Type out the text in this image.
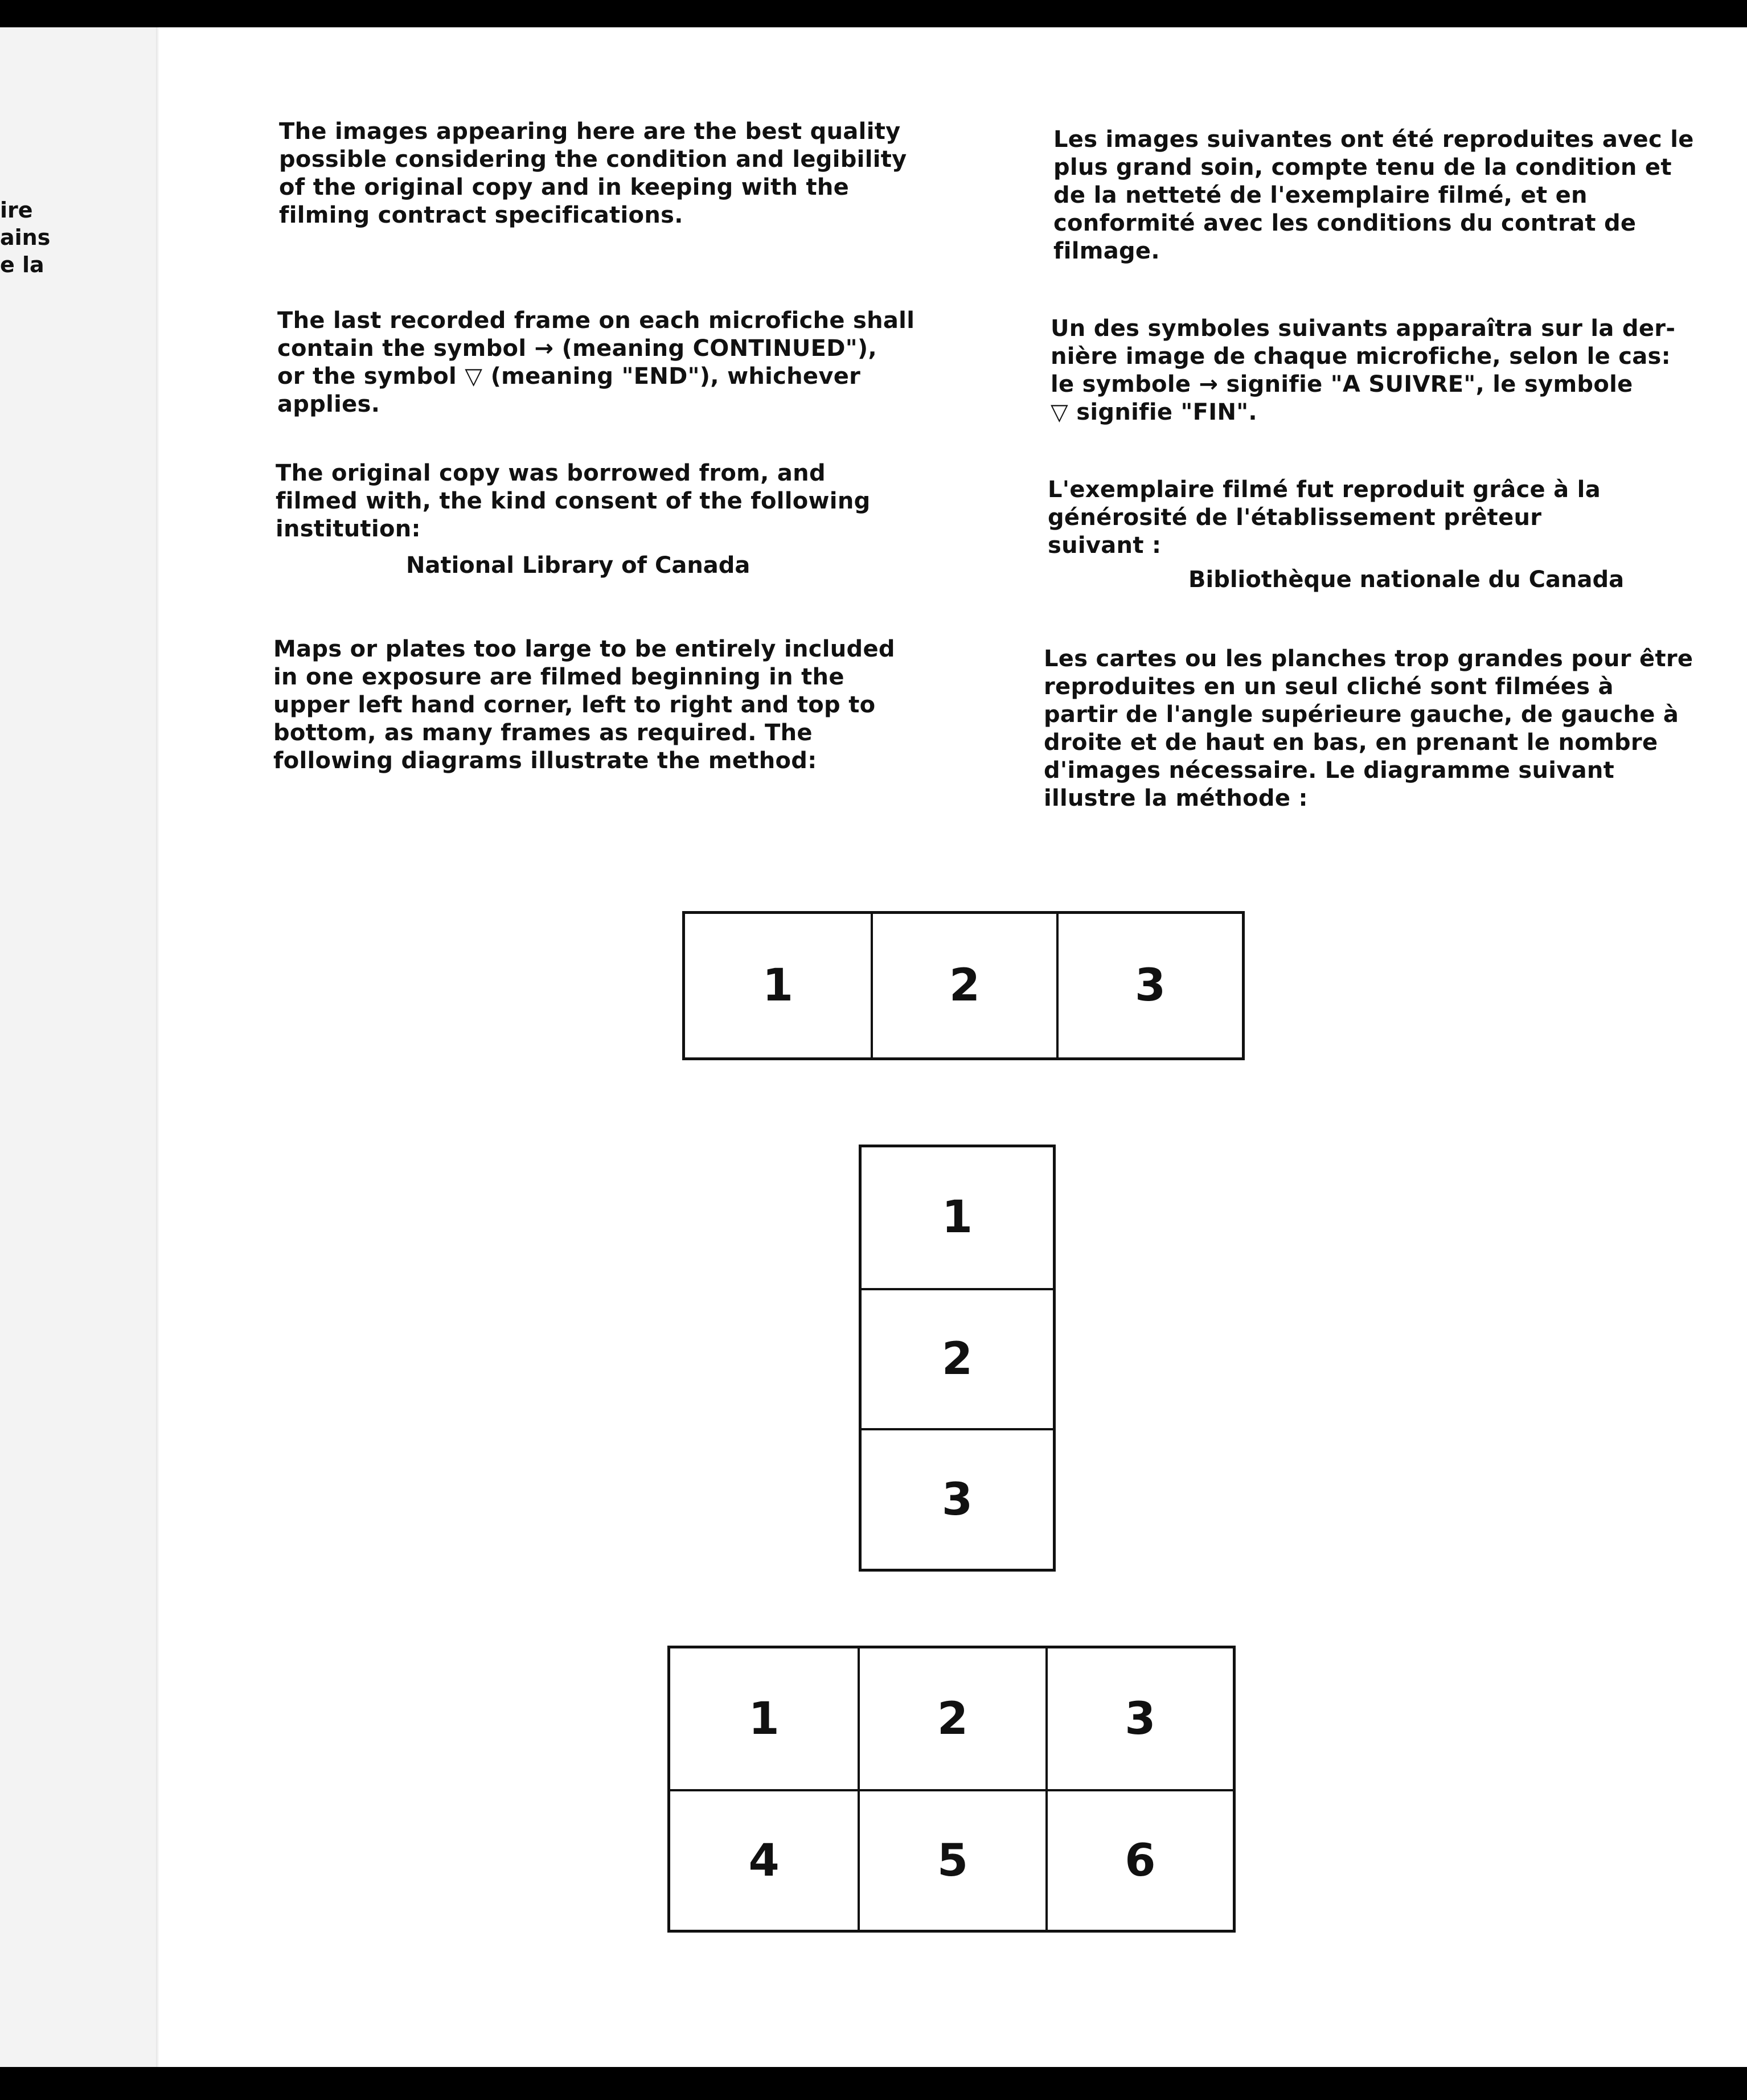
ire
ains
e la

The images appearing here are the best quality
possible considering the condition and legibility
of the original copy and in keeping with the
filming contract specifications.

The last recorded frame on each microfiche shall
contain the symbol → (meaning CONTINUED"),
or the symbol ▽ (meaning "END"), whichever
applies.

The original copy was borrowed from, and
filmed with, the kind consent of the following
institution:

National Library of Canada

Maps or plates too large to be entirely included
in one exposure are filmed beginning in the
upper left hand corner, left to right and top to
bottom, as many frames as required. The
following diagrams illustrate the method:

Les images suivantes ont été reproduites avec le
plus grand soin, compte tenu de la condition et
de la netteté de l'exemplaire filmé, et en
conformité avec les conditions du contrat de
filmage.

Un des symboles suivants apparaîtra sur la der-
nière image de chaque microfiche, selon le cas:
le symbole → signifie "A SUIVRE", le symbole
▽ signifie "FIN".

L'exemplaire filmé fut reproduit grâce à la
générosité de l'établissement prêteur
suivant :

Bibliothèque nationale du Canada

Les cartes ou les planches trop grandes pour être
reproduites en un seul cliché sont filmées à
partir de l'angle supérieure gauche, de gauche à
droite et de haut en bas, en prenant le nombre
d'images nécessaire. Le diagramme suivant
illustre la méthode :

1	2	3
1
2
3
1	2	3
4	5	6
